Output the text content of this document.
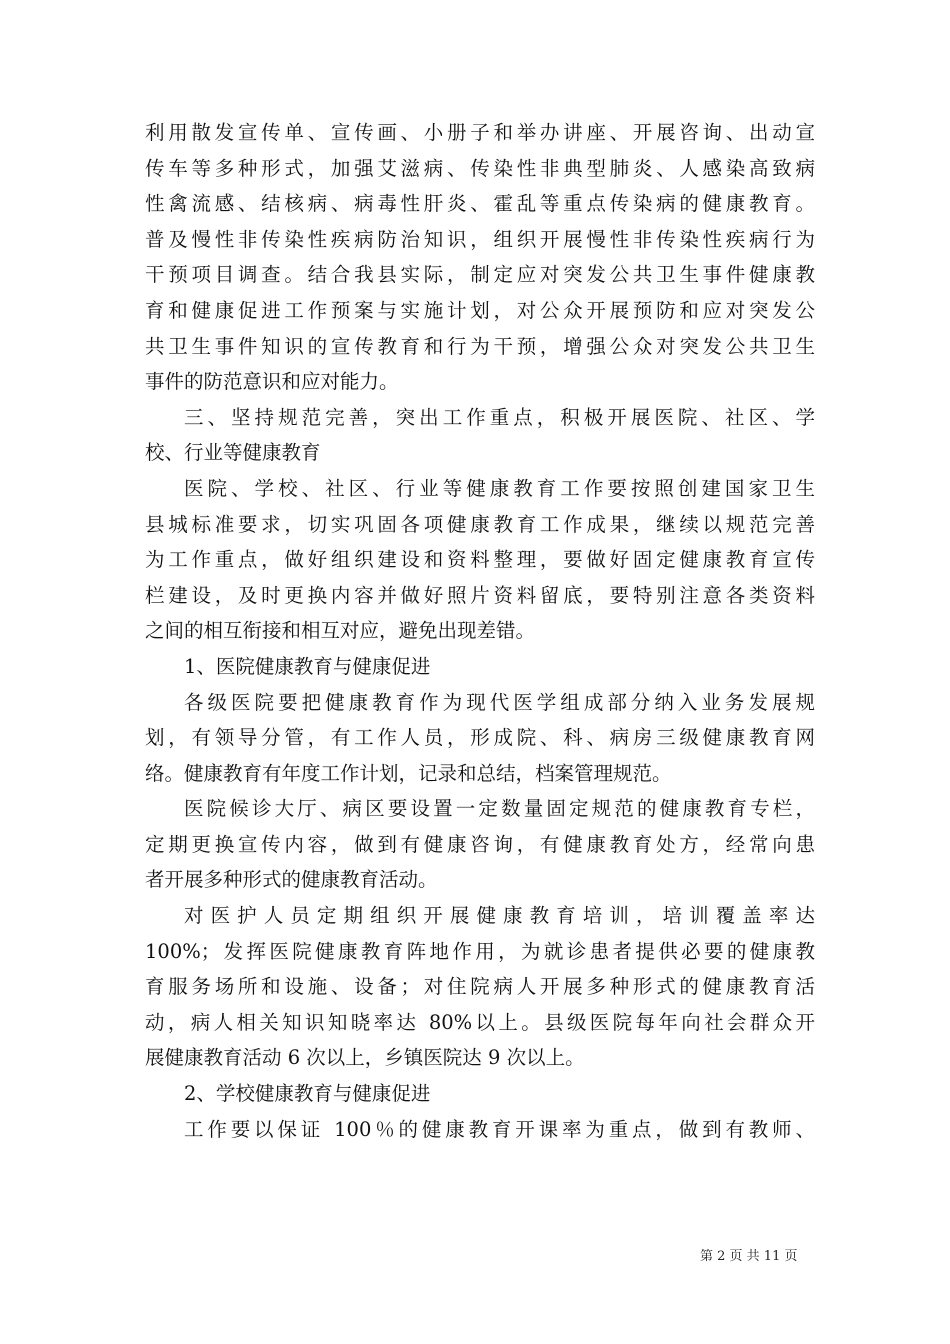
利用散发宣传单、宣传画、小册子和举办讲座、开展咨询、出动宣
传车等多种形式，加强艾滋病、传染性非典型肺炎、人感染高致病
性禽流感、结核病、病毒性肝炎、霍乱等重点传染病的健康教育。
普及慢性非传染性疾病防治知识，组织开展慢性非传染性疾病行为
干预项目调查。结合我县实际，制定应对突发公共卫生事件健康教
育和健康促进工作预案与实施计划，对公众开展预防和应对突发公
共卫生事件知识的宣传教育和行为干预，增强公众对突发公共卫生
事件的防范意识和应对能力。
三、坚持规范完善，突出工作重点，积极开展医院、社区、学
校、行业等健康教育
医院、学校、社区、行业等健康教育工作要按照创建国家卫生
县城标准要求，切实巩固各项健康教育工作成果，继续以规范完善
为工作重点，做好组织建设和资料整理，要做好固定健康教育宣传
栏建设，及时更换内容并做好照片资料留底，要特别注意各类资料
之间的相互衔接和相互对应，避免出现差错。
1、医院健康教育与健康促进
各级医院要把健康教育作为现代医学组成部分纳入业务发展规
划，有领导分管，有工作人员，形成院、科、病房三级健康教育网
络。健康教育有年度工作计划，记录和总结，档案管理规范。
医院候诊大厅、病区要设置一定数量固定规范的健康教育专栏，
定期更换宣传内容，做到有健康咨询，有健康教育处方，经常向患
者开展多种形式的健康教育活动。
对医护人员定期组织开展健康教育培训，培训覆盖率达
100%；发挥医院健康教育阵地作用，为就诊患者提供必要的健康教
育服务场所和设施、设备；对住院病人开展多种形式的健康教育活
动，病人相关知识知晓率达 80%以上。县级医院每年向社会群众开
展健康教育活动 6 次以上，乡镇医院达 9 次以上。
2、学校健康教育与健康促进
工作要以保证 100％的健康教育开课率为重点，做到有教师、
第 2 页 共 11 页
